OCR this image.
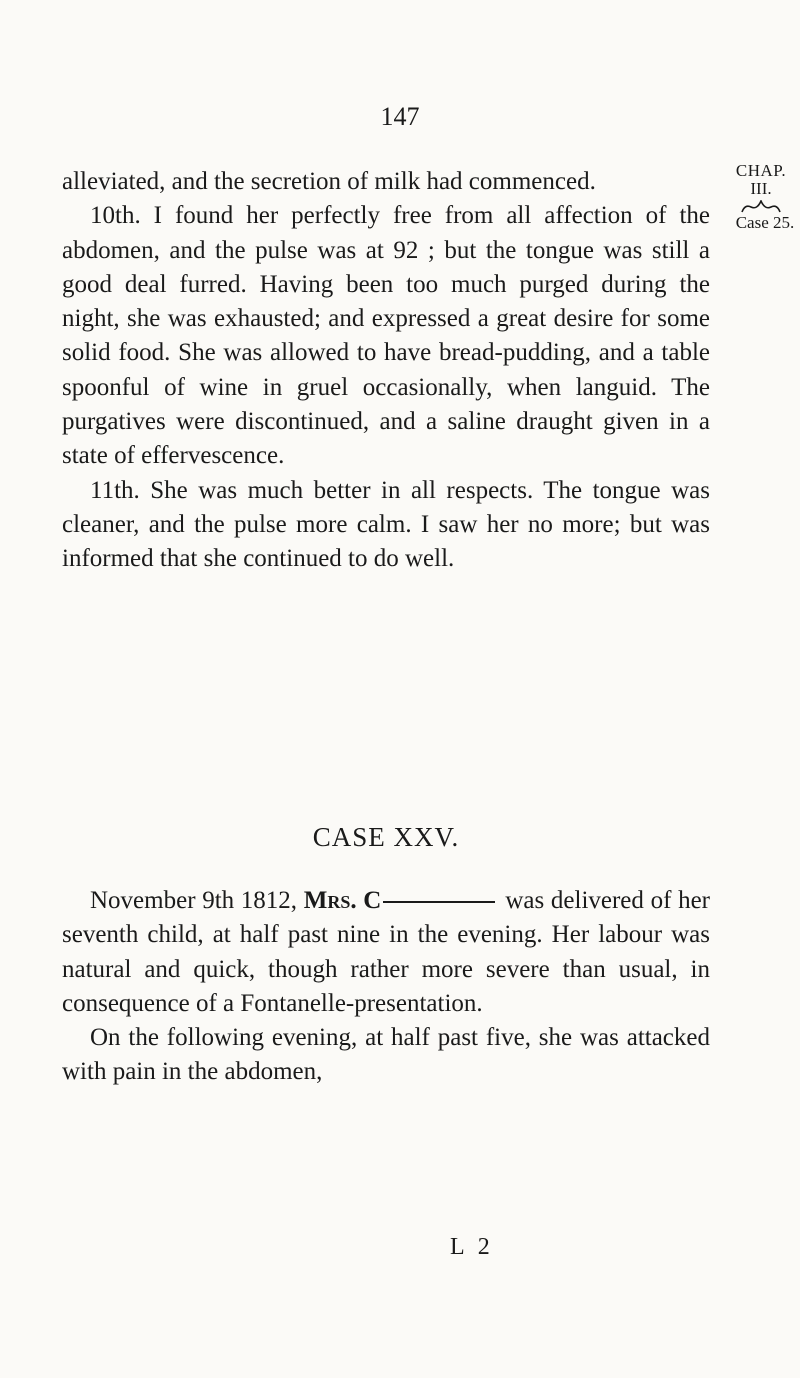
147
CHAP.
III.
Case 25.

alleviated, and the secretion of milk had commenced.

10th. I found her perfectly free from all affection of the abdomen, and the pulse was at 92 ; but the tongue was still a good deal furred. Having been too much purged during the night, she was exhausted; and expressed a great desire for some solid food. She was allowed to have bread-pudding, and a table spoonful of wine in gruel occasionally, when languid. The purgatives were discontinued, and a saline draught given in a state of effervescence.

11th. She was much better in all respects. The tongue was cleaner, and the pulse more calm. I saw her no more; but was informed that she continued to do well.

CASE XXV.

November 9th 1812, Mrs. C	was delivered of her seventh child, at half past nine in the evening. Her labour was natural and quick, though rather more severe than usual, in consequence of a Fontanelle-presentation.

On the following evening, at half past five, she was attacked with pain in the abdomen,

L 2
